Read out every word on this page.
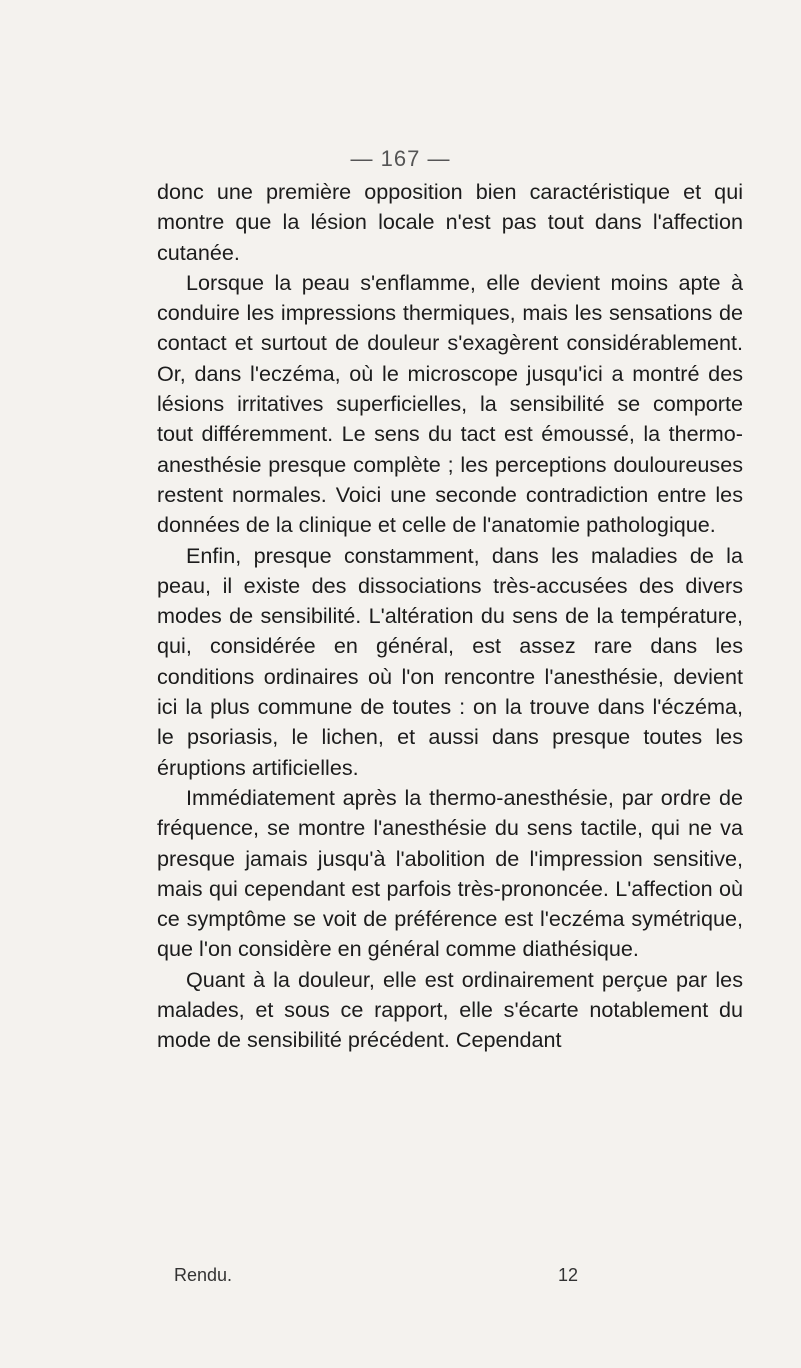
— 167 —

donc une première opposition bien caractéristique et qui montre que la lésion locale n'est pas tout dans l'affection cutanée.

Lorsque la peau s'enflamme, elle devient moins apte à conduire les impressions thermiques, mais les sensations de contact et surtout de douleur s'exagèrent considérablement. Or, dans l'eczéma, où le microscope jusqu'ici a montré des lésions irritatives superficielles, la sensibilité se comporte tout différemment. Le sens du tact est émoussé, la thermo-anesthésie presque complète ; les perceptions douloureuses restent normales. Voici une seconde contradiction entre les données de la clinique et celle de l'anatomie pathologique.

Enfin, presque constamment, dans les maladies de la peau, il existe des dissociations très-accusées des divers modes de sensibilité. L'altération du sens de la température, qui, considérée en général, est assez rare dans les conditions ordinaires où l'on rencontre l'anesthésie, devient ici la plus commune de toutes : on la trouve dans l'éczéma, le psoriasis, le lichen, et aussi dans presque toutes les éruptions artificielles.

Immédiatement après la thermo-anesthésie, par ordre de fréquence, se montre l'anesthésie du sens tactile, qui ne va presque jamais jusqu'à l'abolition de l'impression sensitive, mais qui cependant est parfois très-prononcée. L'affection où ce symptôme se voit de préférence est l'eczéma symétrique, que l'on considère en général comme diathésique.

Quant à la douleur, elle est ordinairement perçue par les malades, et sous ce rapport, elle s'écarte notablement du mode de sensibilité précédent. Cependant

Rendu.	12
